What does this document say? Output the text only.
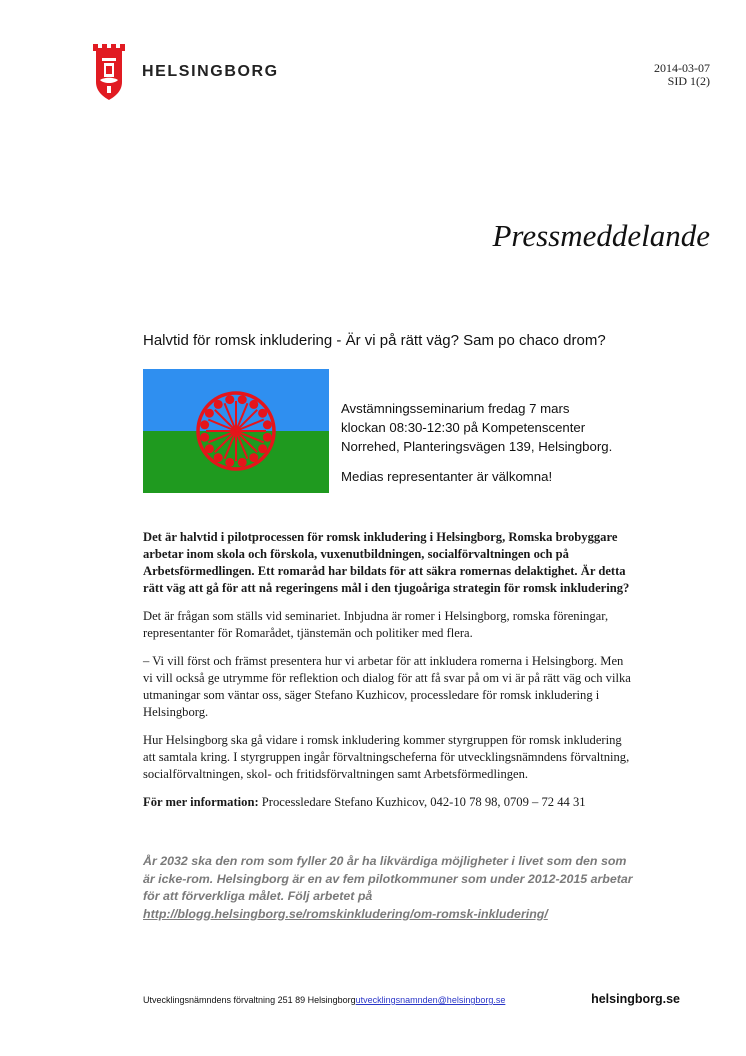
HELSINGBORG	2014-03-07
SID 1(2)
Pressmeddelande
Halvtid för romsk inkludering - Är vi på rätt väg? Sam po chaco drom?

Avstämningsseminarium fredag 7 mars

klockan 08:30-12:30 på Kompetenscenter

Norrehed, Planteringsvägen 139, Helsingborg.

Medias representanter är välkomna!

Det är halvtid i pilotprocessen för romsk inkludering i Helsingborg, Romska brobyggare arbetar inom skola och förskola, vuxenutbildningen, socialförvaltningen och på Arbetsförmedlingen. Ett romaråd har bildats för att säkra romernas delaktighet. Är detta rätt väg att gå för att nå regeringens mål i den tjugoåriga strategin för romsk inkludering?

Det är frågan som ställs vid seminariet. Inbjudna är romer i Helsingborg, romska föreningar, representanter för Romarådet, tjänstemän och politiker med flera.

– Vi vill först och främst presentera hur vi arbetar för att inkludera romerna i Helsingborg. Men vi vill också ge utrymme för reflektion och dialog för att få svar på om vi är på rätt väg och vilka utmaningar som väntar oss, säger Stefano Kuzhicov, processledare för romsk inkludering i Helsingborg.

Hur Helsingborg ska gå vidare i romsk inkludering kommer styrgruppen för romsk inkludering att samtala kring. I styrgruppen ingår förvaltningscheferna för utvecklingsnämndens förvaltning, socialförvaltningen, skol- och fritidsförvaltningen samt Arbetsförmedlingen.

För mer information: Processledare Stefano Kuzhicov, 042-10 78 98, 0709 – 72 44 31

År 2032 ska den rom som fyller 20 år ha likvärdiga möjligheter i livet som den som är icke-rom. Helsingborg är en av fem pilotkommuner som under 2012-2015 arbetar för att förverkliga målet. Följ arbetet på
http://blogg.helsingborg.se/romskinkludering/om-romsk-inkludering/
Utvecklingsnämndens förvaltning 251 89 Helsingborgutvecklingsnamnden@helsingborg.se	helsingborg.se
